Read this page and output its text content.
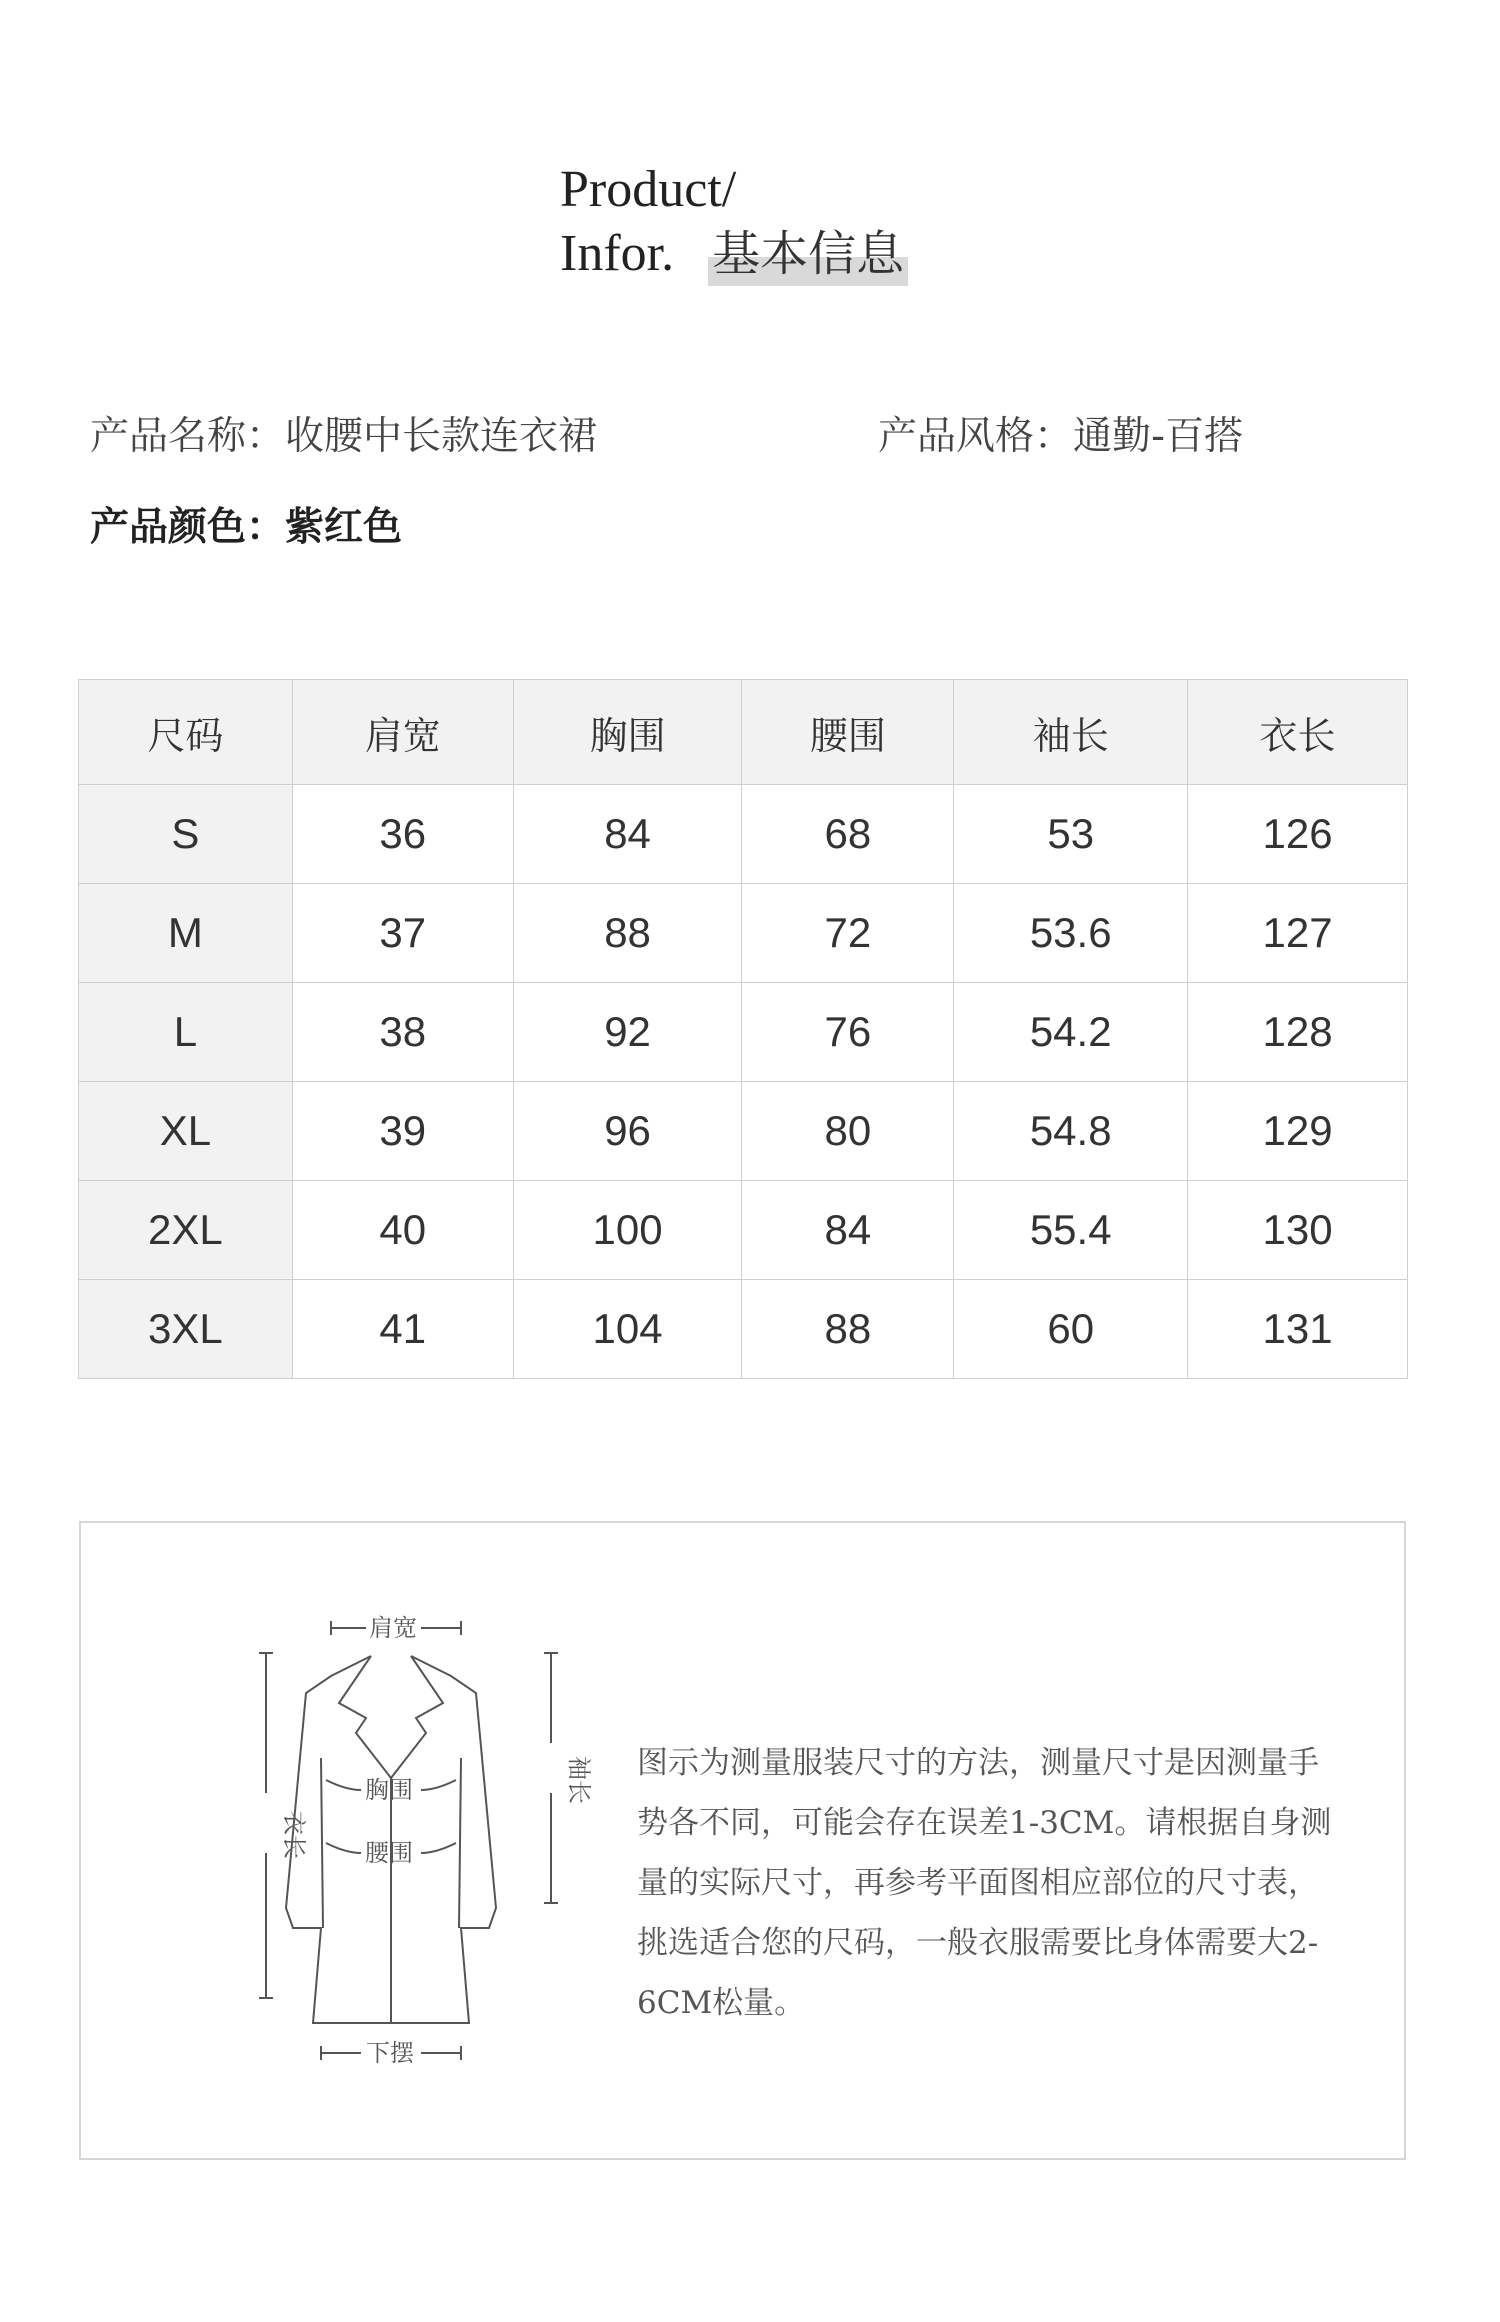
Product/
Infor. 基本信息
产品名称：收腰中长款连衣裙	产品风格：通勤-百搭
产品颜色：紫红色
尺码	肩宽	胸围	腰围	袖长	衣长
S	36	84	68	53	126
M	37	88	72	53.6	127
L	38	92	76	54.2	128
XL	39	96	80	54.8	129
2XL	40	100	84	55.4	130
3XL	41	104	88	60	131
肩宽
衣长
袖长
胸围
腰围
下摆
图示为测量服装尺寸的方法，测量尺寸是因测量手势各不同，可能会存在误差1-3CM。请根据自身测量的实际尺寸，再参考平面图相应部位的尺寸表，挑选适合您的尺码，一般衣服需要比身体需要大2-6CM松量。
